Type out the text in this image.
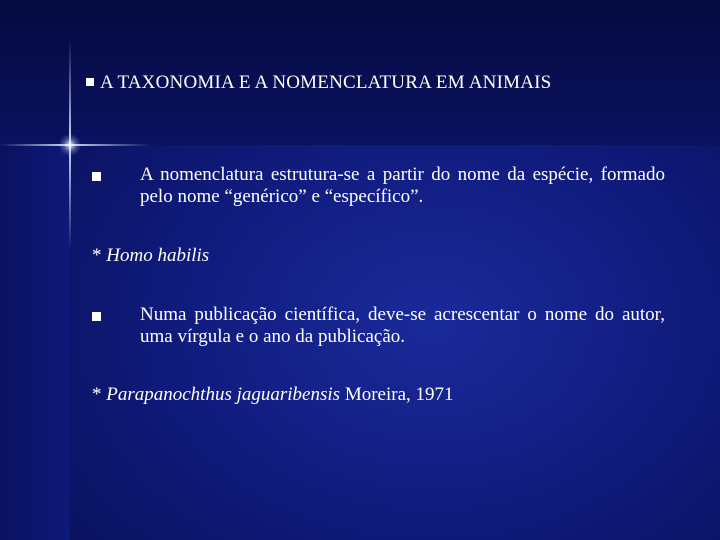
A TAXONOMIA E A NOMENCLATURA EM ANIMAIS
A nomenclatura estrutura-se a partir do nome da espécie, formado pelo nome “genérico” e “específico”.
* Homo habilis
Numa publicação científica, deve-se acrescentar o nome do autor, uma vírgula e o ano da publicação.
* Parapanochthus jaguaribensis Moreira, 1971
